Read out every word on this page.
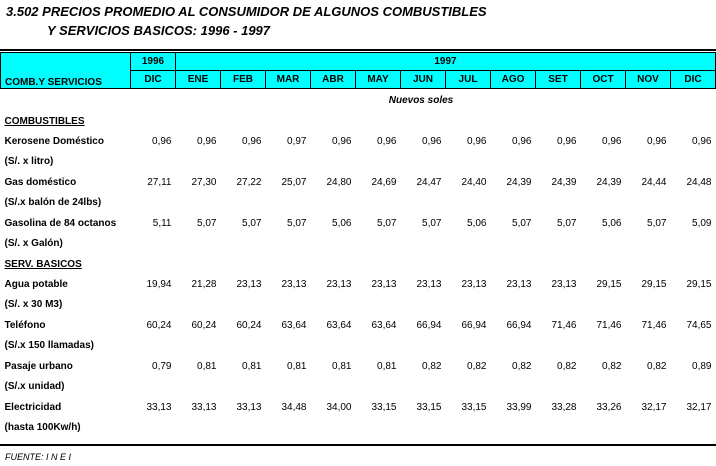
3.502 PRECIOS PROMEDIO AL CONSUMIDOR DE ALGUNOS COMBUSTIBLES
Y SERVICIOS BASICOS: 1996 - 1997
COMB.Y SERVICIOS	1996	1997											
	DIC	ENE	FEB	MAR	ABR	MAY	JUN	JUL	AGO	SET	OCT	NOV	DIC
	Nuevos soles												
COMBUSTIBLES													
Kerosene Doméstico	0,96	0,96	0,96	0,97	0,96	0,96	0,96	0,96	0,96	0,96	0,96	0,96	0,96
(S/. x litro)													
Gas doméstico	27,11	27,30	27,22	25,07	24,80	24,69	24,47	24,40	24,39	24,39	24,39	24,44	24,48
(S/.x balón de 24lbs)													
Gasolina de 84 octanos	5,11	5,07	5,07	5,07	5,06	5,07	5,07	5,06	5,07	5,07	5,06	5,07	5,09
(S/. x Galón)													
SERV. BASICOS													
Agua potable	19,94	21,28	23,13	23,13	23,13	23,13	23,13	23,13	23,13	23,13	29,15	29,15	29,15
(S/. x 30 M3)													
Teléfono	60,24	60,24	60,24	63,64	63,64	63,64	66,94	66,94	66,94	71,46	71,46	71,46	74,65
(S/.x 150 llamadas)													
Pasaje urbano	0,79	0,81	0,81	0,81	0,81	0,81	0,82	0,82	0,82	0,82	0,82	0,82	0,89
(S/.x unidad)													
Electricidad	33,13	33,13	33,13	34,48	34,00	33,15	33,15	33,15	33,99	33,28	33,26	32,17	32,17
(hasta 100Kw/h)													
FUENTE: I N E I
